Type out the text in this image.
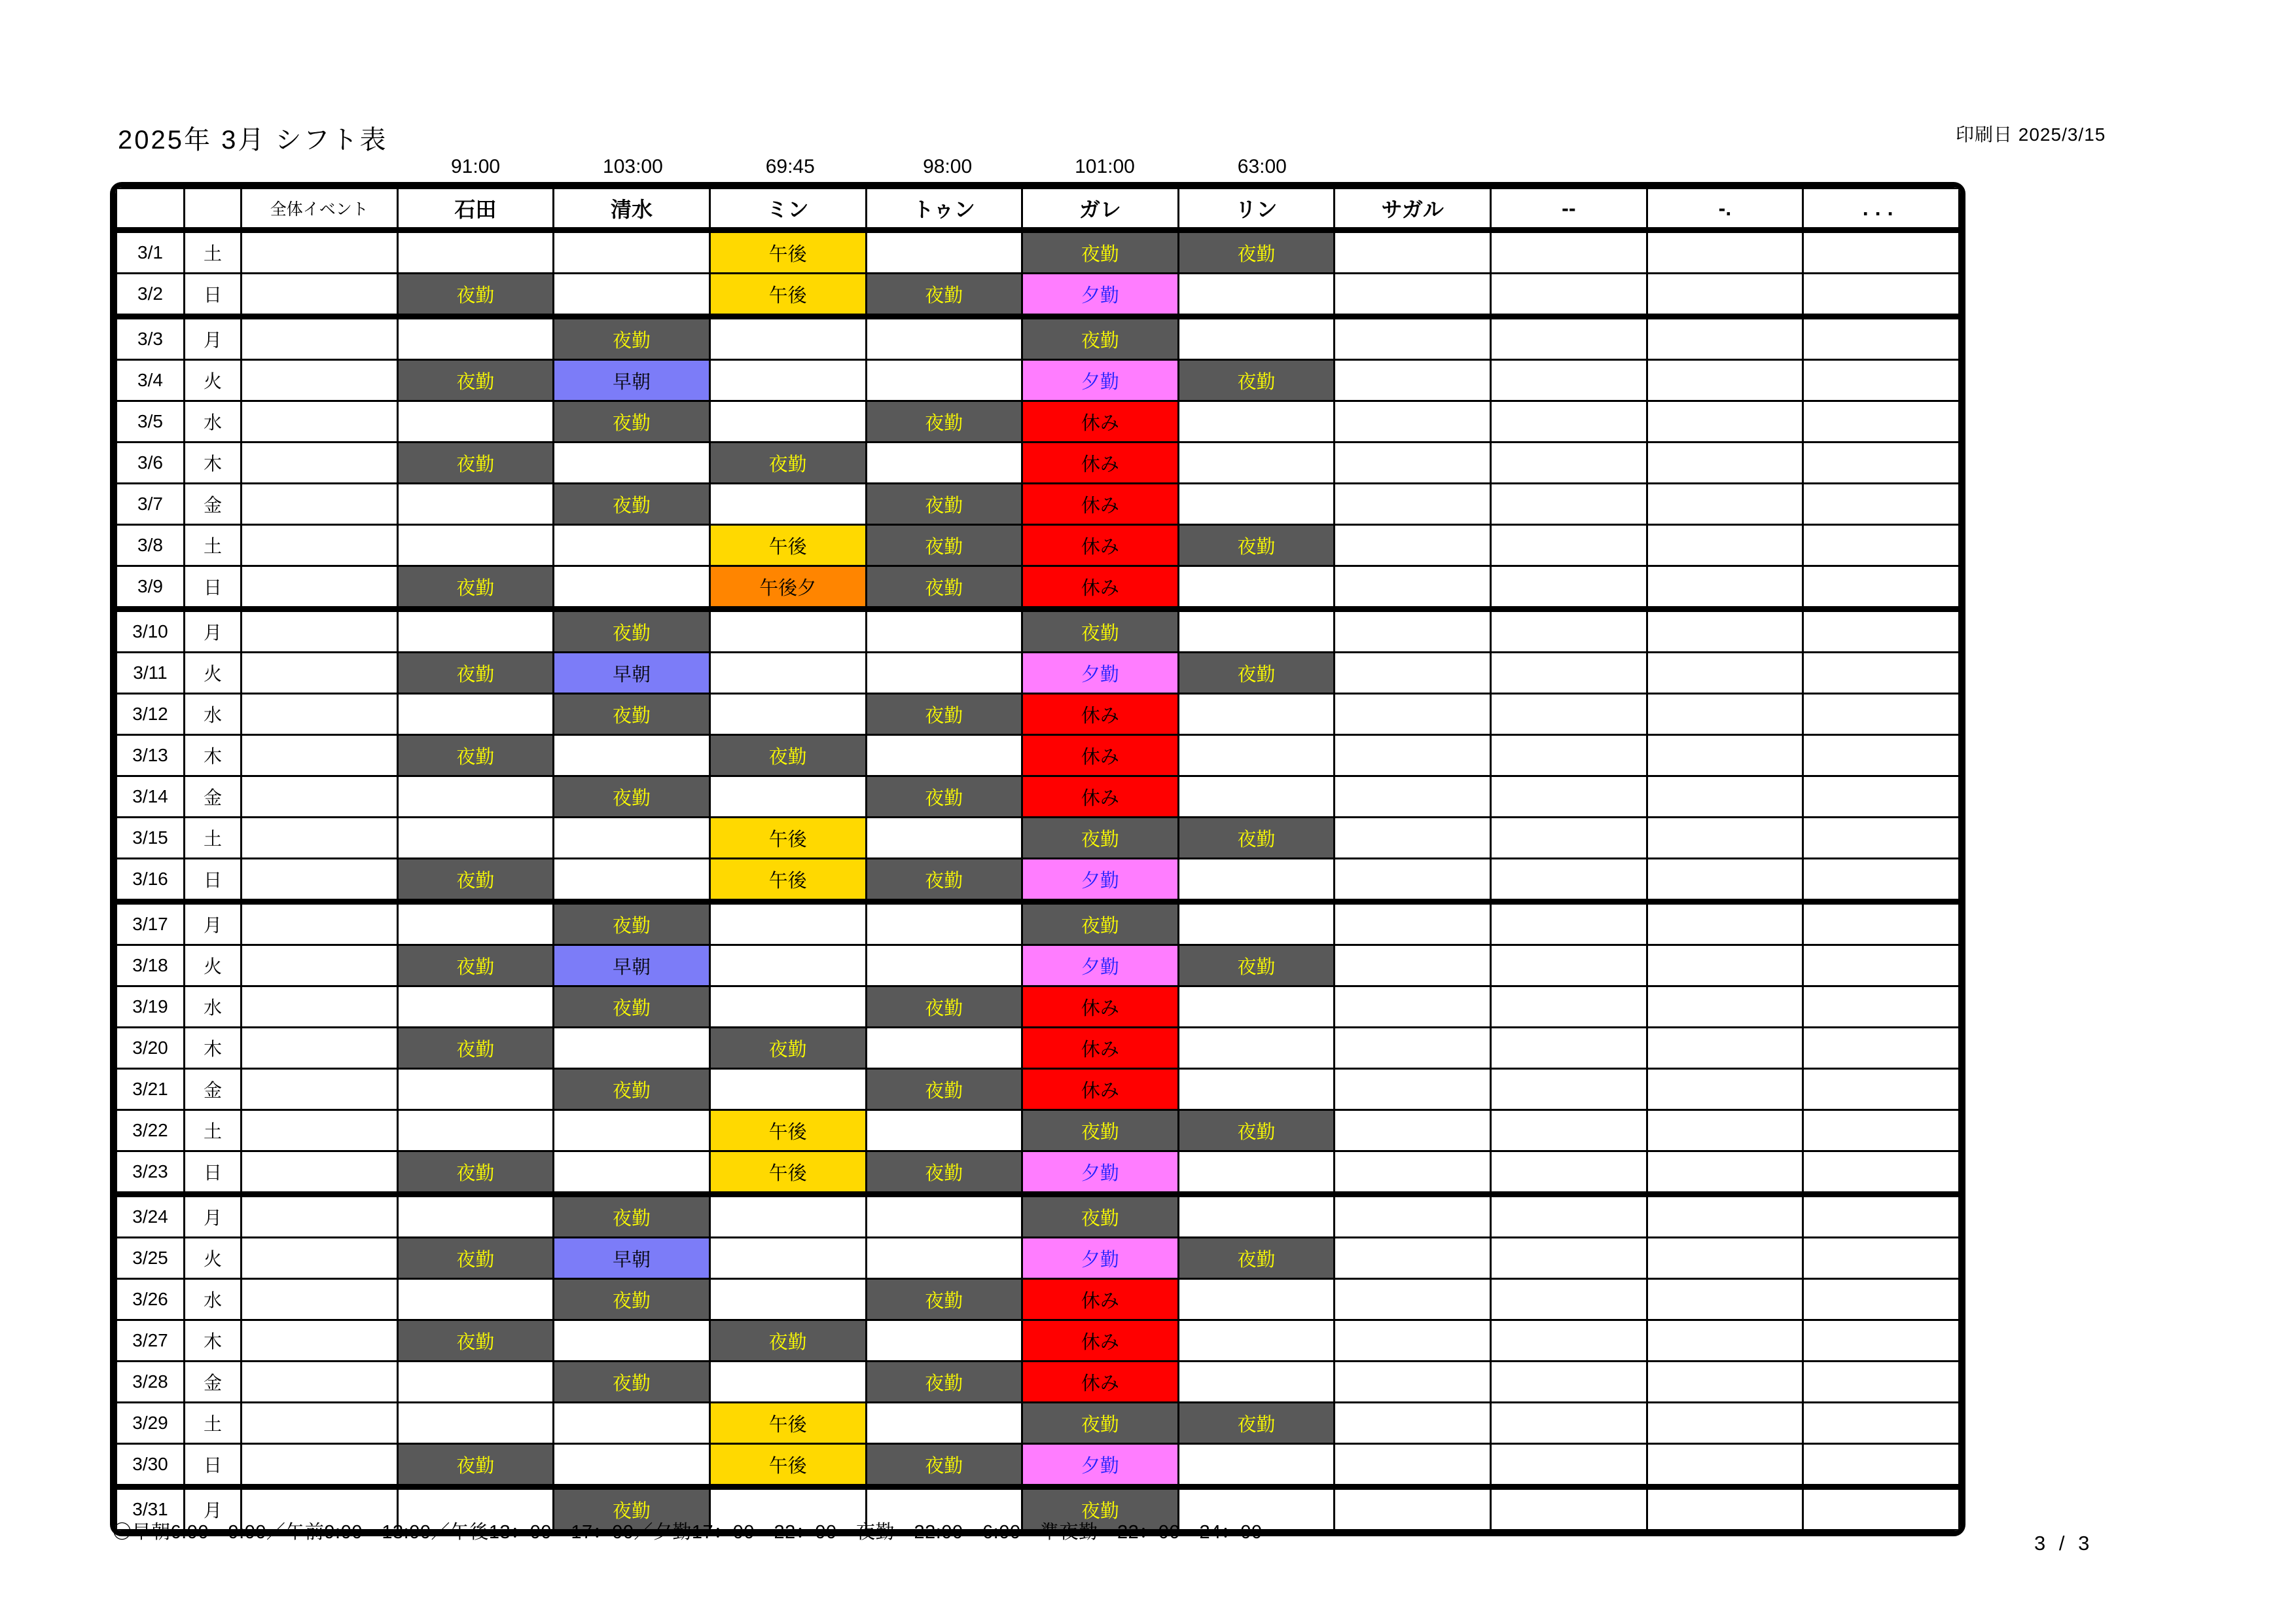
2025年 3月 シフト表	印刷日 2025/3/15
91:00	103:00	69:45	98:00	101:00	63:00
		全体イベント	石田	清水	ミン	トゥン	ガレ	リン	サガル	--	-.	...
3/1	土				午後		夜勤	夜勤				
3/2	日		夜勤		午後	夜勤	夕勤					
3/3	月			夜勤			夜勤					
3/4	火		夜勤	早朝			夕勤	夜勤				
3/5	水			夜勤		夜勤	休み					
3/6	木		夜勤		夜勤		休み					
3/7	金			夜勤		夜勤	休み					
3/8	土				午後	夜勤	休み	夜勤				
3/9	日		夜勤		午後夕	夜勤	休み					
3/10	月			夜勤			夜勤					
3/11	火		夜勤	早朝			夕勤	夜勤				
3/12	水			夜勤		夜勤	休み					
3/13	木		夜勤		夜勤		休み					
3/14	金			夜勤		夜勤	休み					
3/15	土				午後		夜勤	夜勤				
3/16	日		夜勤		午後	夜勤	夕勤					
3/17	月			夜勤			夜勤					
3/18	火		夜勤	早朝			夕勤	夜勤				
3/19	水			夜勤		夜勤	休み					
3/20	木		夜勤		夜勤		休み					
3/21	金			夜勤		夜勤	休み					
3/22	土				午後		夜勤	夜勤				
3/23	日		夜勤		午後	夜勤	夕勤					
3/24	月			夜勤			夜勤					
3/25	火		夜勤	早朝			夕勤	夜勤				
3/26	水			夜勤		夜勤	休み					
3/27	木		夜勤		夜勤		休み					
3/28	金			夜勤		夜勤	休み					
3/29	土				午後		夜勤	夜勤				
3/30	日		夜勤		午後	夜勤	夕勤					
3/31	月			夜勤			夜勤					
〇早朝6:00～9:00／午前9:00～13:00／午後13：00～17：00／夕勤17：00～22：00　夜勤　22:00～6:00　準夜勤　22：00～24：00	3 / 3
